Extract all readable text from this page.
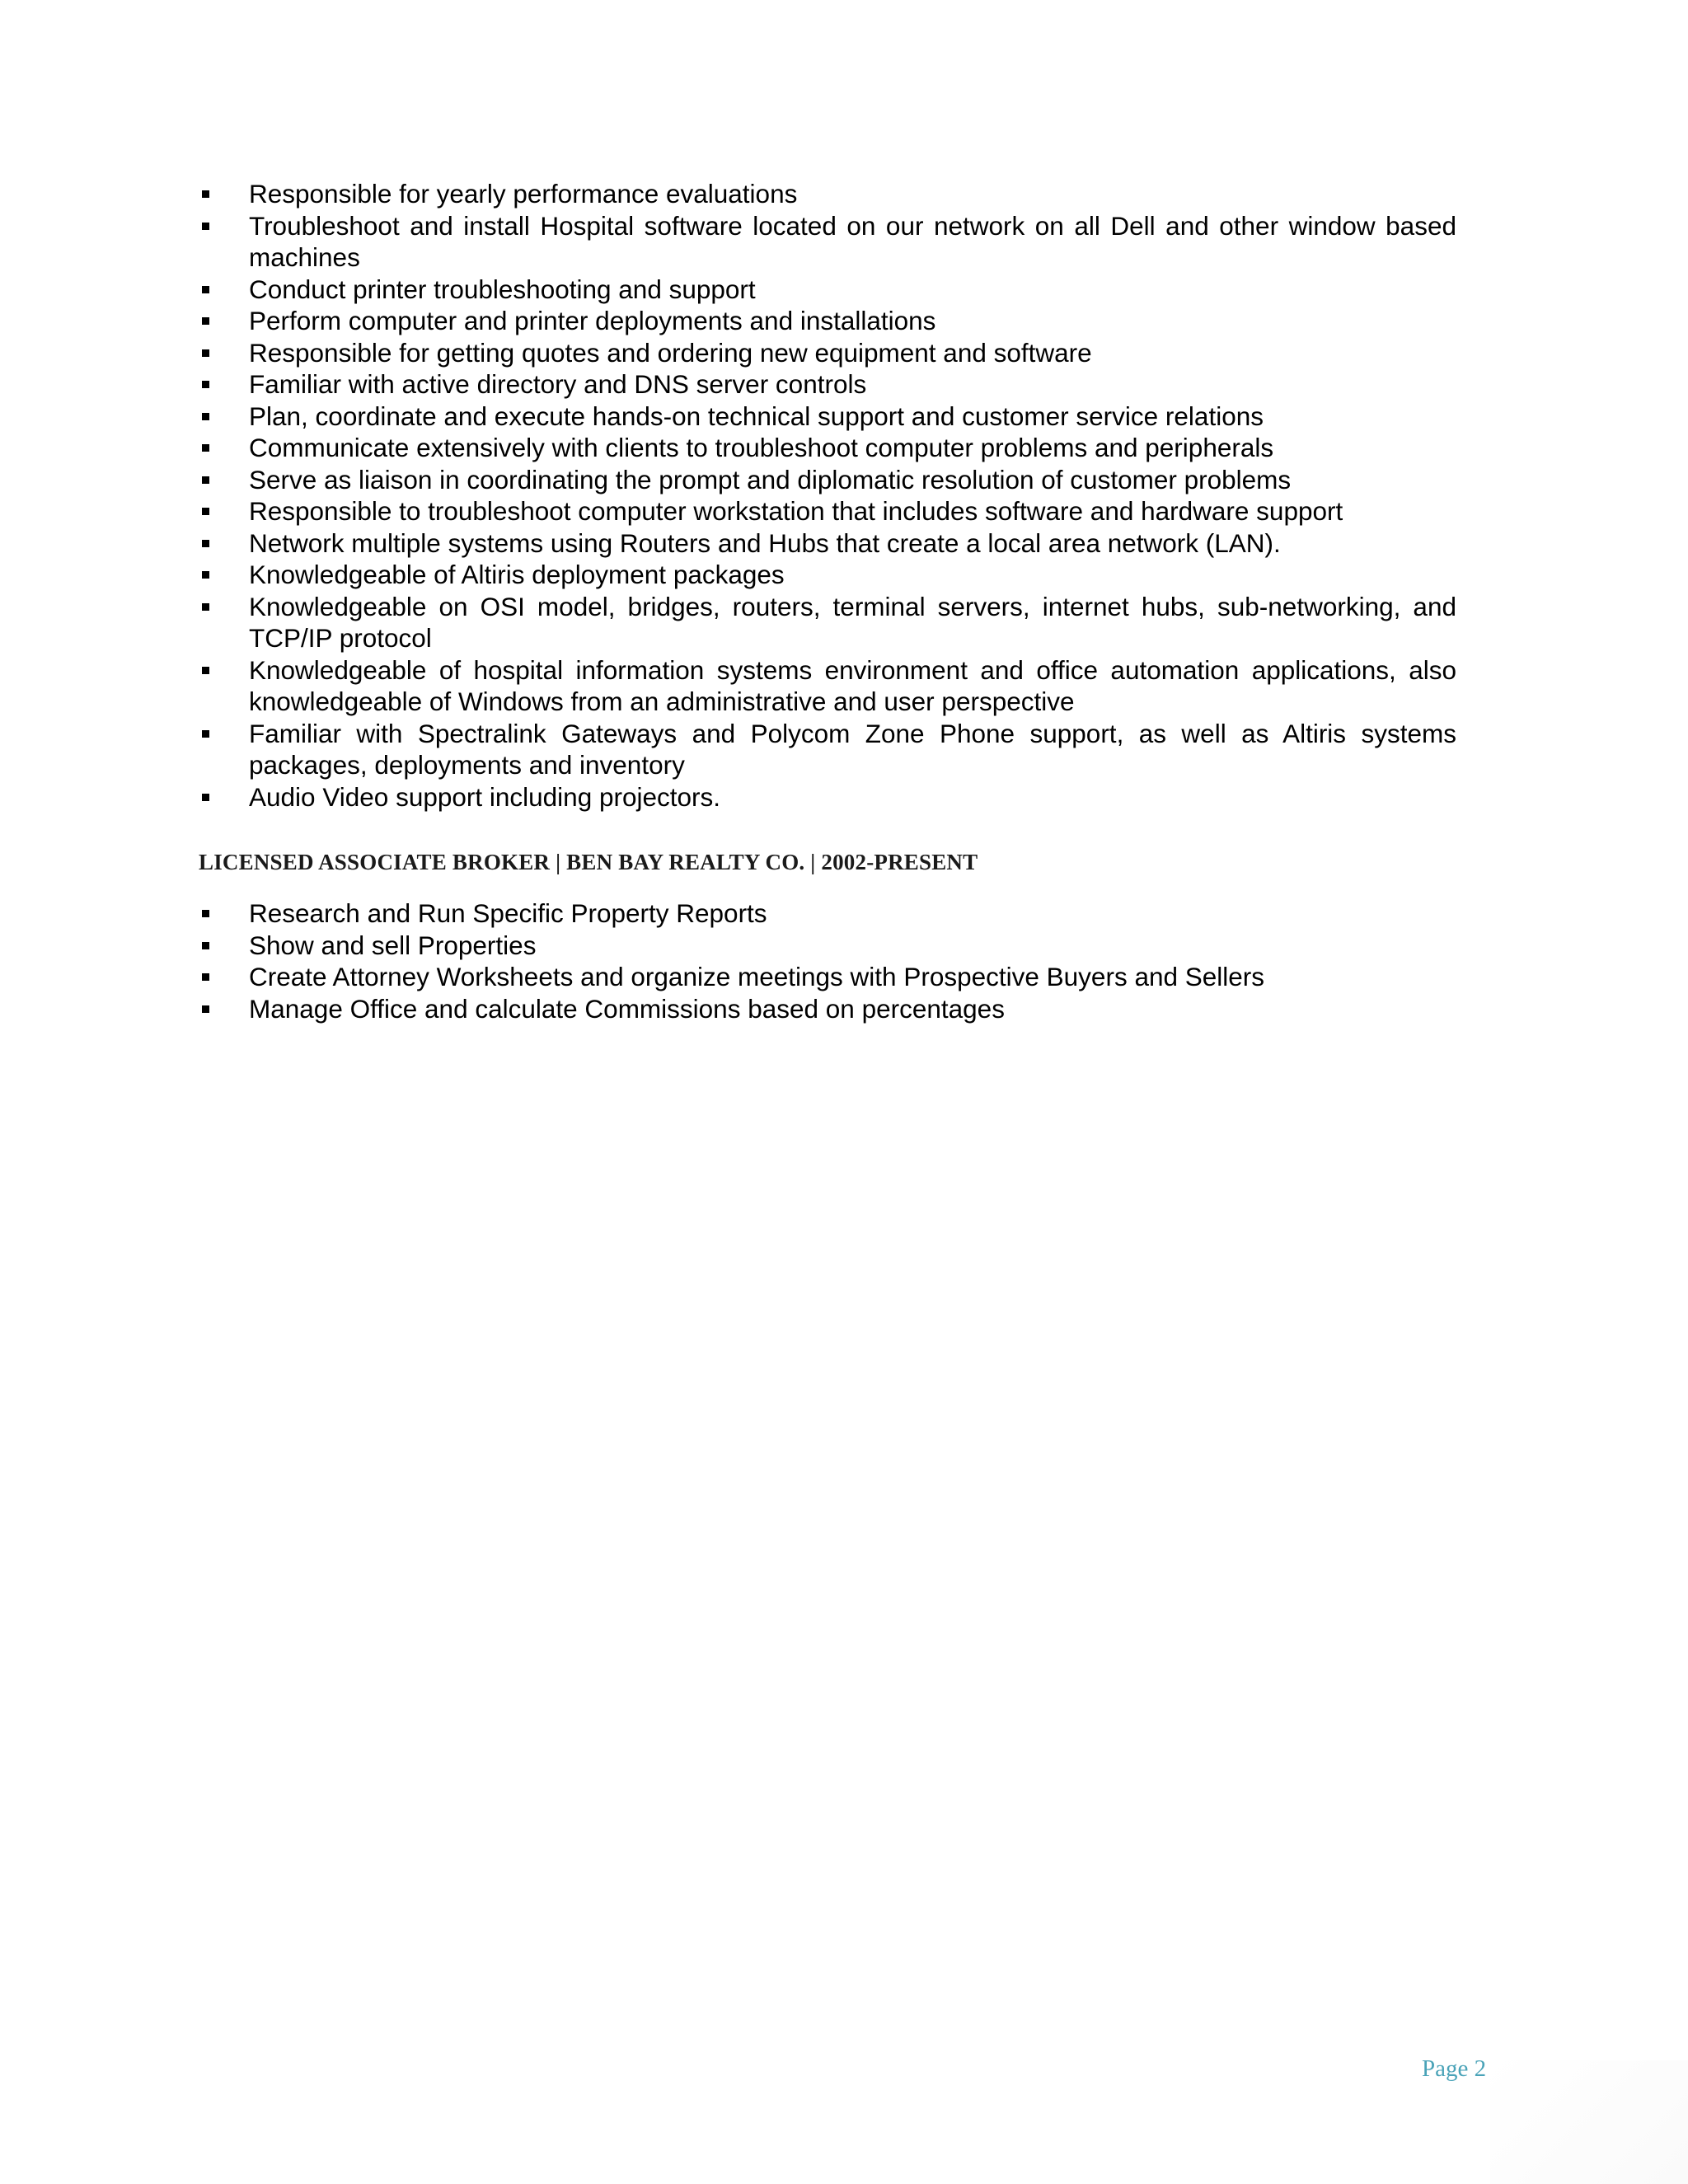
Responsible for yearly performance evaluations
Troubleshoot and install Hospital software located on our network on all Dell and other window based machines
Conduct printer troubleshooting and support
Perform computer and printer deployments and installations
Responsible for getting quotes and ordering new equipment and software
Familiar with active directory and DNS server controls
Plan, coordinate and execute hands-on technical support and customer service relations
Communicate extensively with clients to troubleshoot computer problems and peripherals
Serve as liaison in coordinating the prompt and diplomatic resolution of customer problems
Responsible to troubleshoot computer workstation that includes software and hardware support
Network multiple systems using Routers and Hubs that create a local area network (LAN).
Knowledgeable of Altiris deployment packages
Knowledgeable on OSI model, bridges, routers, terminal servers, internet hubs, sub-networking, and TCP/IP protocol
Knowledgeable of hospital information systems environment and office automation applications, also knowledgeable of Windows from an administrative and user perspective
Familiar with Spectralink Gateways and Polycom Zone Phone support, as well as Altiris systems packages, deployments and inventory
Audio Video support including projectors.
LICENSED ASSOCIATE BROKER | BEN BAY REALTY CO. | 2002-PRESENT
Research and Run Specific Property Reports
Show and sell Properties
Create Attorney Worksheets and organize meetings with Prospective Buyers and Sellers
Manage Office and calculate Commissions based on percentages
Page 2
